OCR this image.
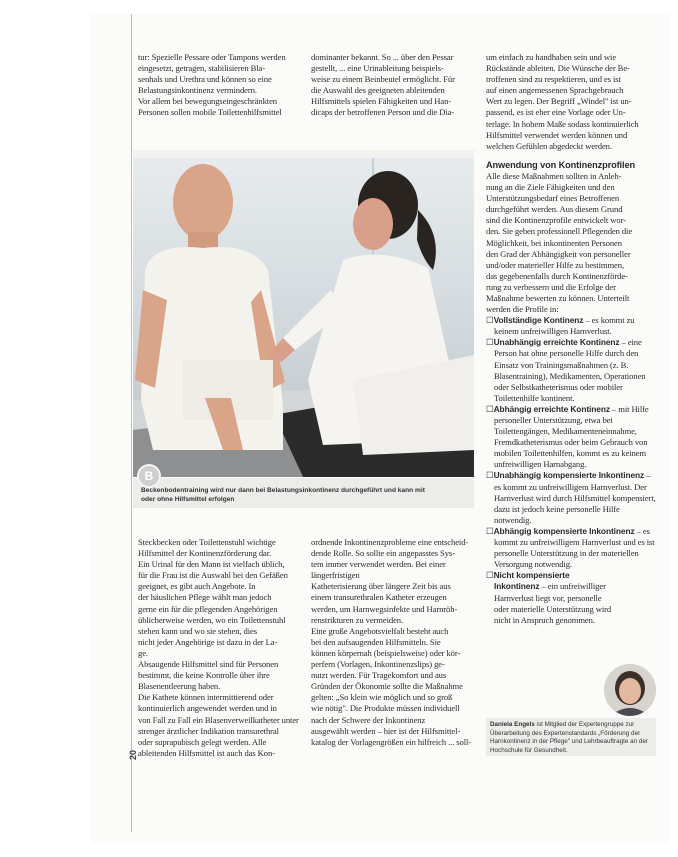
tur: Spezielle Pessare oder Tampons werden

eingesetzt, getragen, stabilisieren Bla-

senhals und Urethra und können so eine

Belastungsinkontinenz vermindern.

Vor allem bei bewegungseingeschränkten

Personen sollen mobile Toilettenhilfsmittel

dominanter bekannt. So ... über den Pessar

gestellt, ... eine Urinableitung beispiels-

weise zu einem Beinbeutel ermöglicht. Für

die Auswahl des geeigneten ableitenden

Hilfsmittels spielen Fähigkeiten und Han-

dicaps der betroffenen Person und die Dia-

um einfach zu handhaben sein und wie

Rückstände ableiten. Die Wünsche der Be-

troffenen sind zu respektieren, und es ist

auf einen angemessenen Sprachgebrauch

Wert zu legen. Der Begriff „Windel" ist un-

passend, es ist eher eine Vorlage oder Un-

terlage. In hohem Maße sodass kontinuierlich

Hilfsmittel verwendet werden können und

welchen Gefühlen abgedeckt werden.

Anwendung von Kontinenzprofilen

Alle diese Maßnahmen sollten in Anleh-

nung an die Ziele Fähigkeiten und den

Unterstützungsbedarf eines Betroffenen

durchgeführt werden. Aus diesem Grund

sind die Kontinenzprofile entwickelt wor-

den. Sie geben professionell Pflegenden die

Möglichkeit, bei inkontinenten Personen

den Grad der Abhängigkeit von personeller

und/oder materieller Hilfe zu bestimmen,

das gegebenenfalls durch Kontinenzförde-

rung zu verbessern und die Erfolge der

Maßnahme bewerten zu können. Unterteilt

werden die Profile in:

☐Vollständige Kontinenz – es kommt zu keinem unfreiwilligen Harnverlust.

☐Unabhängig erreichte Kontinenz – eine Person hat ohne personelle Hilfe durch den Einsatz von Trainingsmaßnahmen (z. B. Blasentraining), Medikamenten, Operationen oder Selbstkatheterismus oder mobiler Toilettenhilfe kontinent.

☐Abhängig erreichte Kontinenz – mit Hilfe personeller Unterstützung, etwa bei Toilettengängen, Medikamenteneinnahme, Fremdkatheterismus oder beim Gebrauch von mobilen Toilettenhilfen, kommt es zu keinem unfreiwilligen Harnabgang.

☐Unabhängig kompensierte Inkontinenz – es kommt zu unfreiwilligem Harnverlust. Der Harnverlust wird durch Hilfsmittel kompensiert, dazu ist jedoch keine personelle Hilfe notwendig.

☐Abhängig kompensierte Inkontinenz – es kommt zu unfreiwilligem Harnverlust und es ist personelle Unterstützung in der materiellen Versorgung notwendig.

☐Nicht kompensierte Inkontinenz – ein unfreiwilliger Harnverlust liegt vor, personelle oder materielle Unterstützung wird nicht in Anspruch genommen.

B
Beckenbodentraining wird nur dann bei Belastungsinkontinenz durchgeführt und kann mit oder ohne Hilfsmittel erfolgen

Steckbecken oder Toilettenstuhl wichtige

Hilfsmittel der Kontinenzförderung dar.

Ein Urinal für den Mann ist vielfach üblich,

für die Frau ist die Auswahl bei den Gefäßen

geeignet, es gibt auch Angebote. In

der häuslichen Pflege wählt man jedoch

gerne ein für die pflegenden Angehörigen

üblicherweise werden, wo ein Toilettenstuhl

stehen kann und wo sie stehen, dies

nicht jeder Angehörige ist dazu in der La-

ge.

Absaugende Hilfsmittel sind für Personen

bestimmt, die keine Kontrolle über ihre

Blasenentleerung haben.

Die Kathete können intermittierend oder

kontinuierlich angewendet werden und in

von Fall zu Fall ein Blasenverweilkatheter unter

strenger ärztlicher Indikation transurethral

oder suprapubisch gelegt werden. Alle

ableitenden Hilfsmittel ist auch das Kon-

ordnende Inkontinenzprobleme eine entscheid-

dende Rolle. So sollte ein angepasstes Sys-

tem immer verwendet werden. Bei einer längerfristigen

Katheterisierung über längere Zeit bis aus

einem transurethralen Katheter erzeugen

werden, um Harnwegsinfekte und Harnröh-

renstrikturen zu vermeiden.

Eine große Angebotsvielfalt besteht auch

bei den aufsaugenden Hilfsmitteln. Sie

können körpernah (beispielsweise) oder kör-

perfern (Vorlagen, Inkontinenzslips) ge-

nutzt werden. Für Tragekomfort und aus

Gründen der Ökonomie sollte die Maßnahme

gelten: „So klein wie möglich und so groß

wie nötig". Die Produkte müssen individuell

nach der Schwere der Inkontinenz

ausgewählt werden – hier ist der Hilfsmittel-

katalog der Vorlagengrößen ein hilfreich ... soll-

Daniela Engels ist Mitglied der Expertengruppe zur Überarbeitung des Expertenstandards „Förderung der Harnkontinenz in der Pflege" und Lehrbeauftragte an der Hochschule für Gesundheit.
20
